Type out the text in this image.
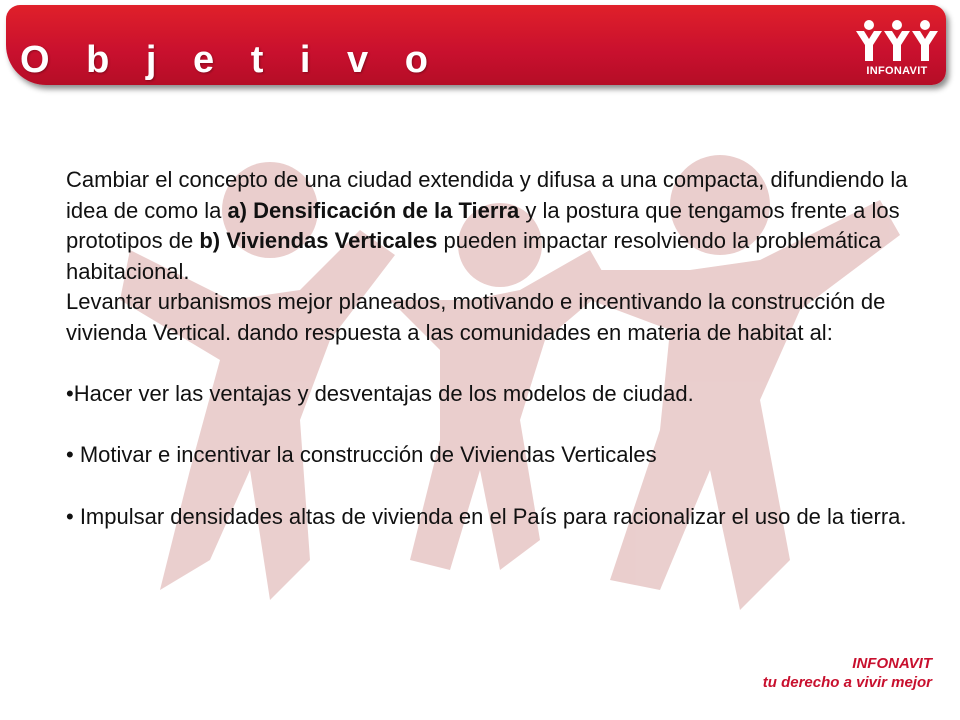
O b j e t i v o	INFONAVIT

Cambiar el concepto de una ciudad extendida y difusa a una compacta, difundiendo la idea de como la a) Densificación de la Tierra y la postura que tengamos frente a los prototipos de b) Viviendas Verticales pueden impactar resolviendo la problemática habitacional.

Levantar urbanismos mejor planeados, motivando e incentivando la construcción de vivienda Vertical. dando respuesta a las comunidades en materia de habitat al:

•Hacer ver las ventajas y desventajas de los modelos de ciudad.

• Motivar e incentivar la construcción de Viviendas Verticales

• Impulsar densidades altas de vivienda en el País para racionalizar el uso de la tierra.

INFONAVIT
tu derecho a vivir mejor
